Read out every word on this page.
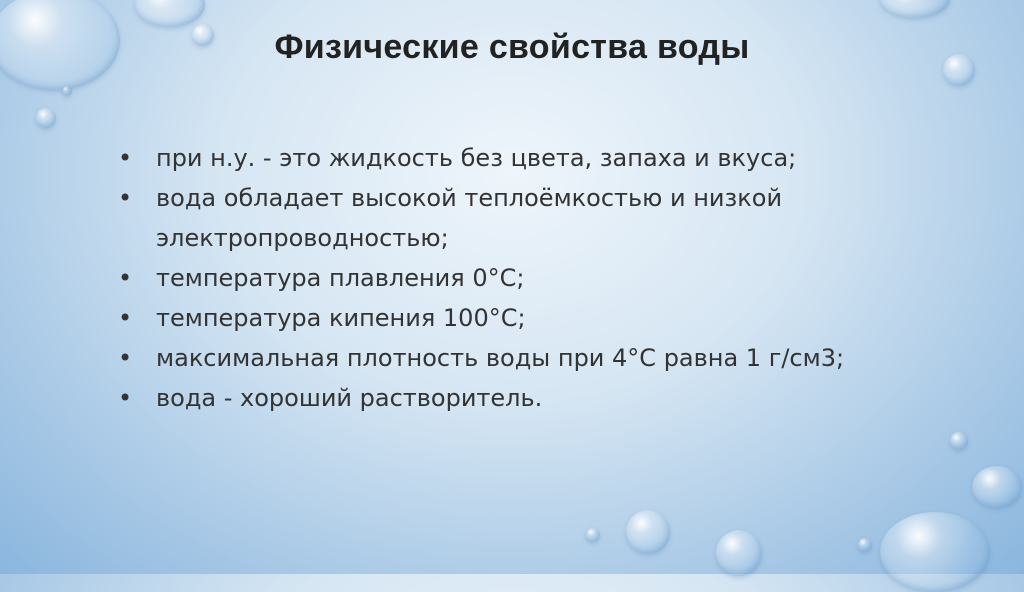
Физические свойства воды
• при н.у. - это жидкость без цвета, запаха и вкуса;
• вода обладает высокой теплоёмкостью и низкой электропроводностью;
• температура плавления 0°С;
• температура кипения 100°С;
• максимальная плотность воды при 4°С равна 1 г/см3;
• вода - хороший растворитель.
